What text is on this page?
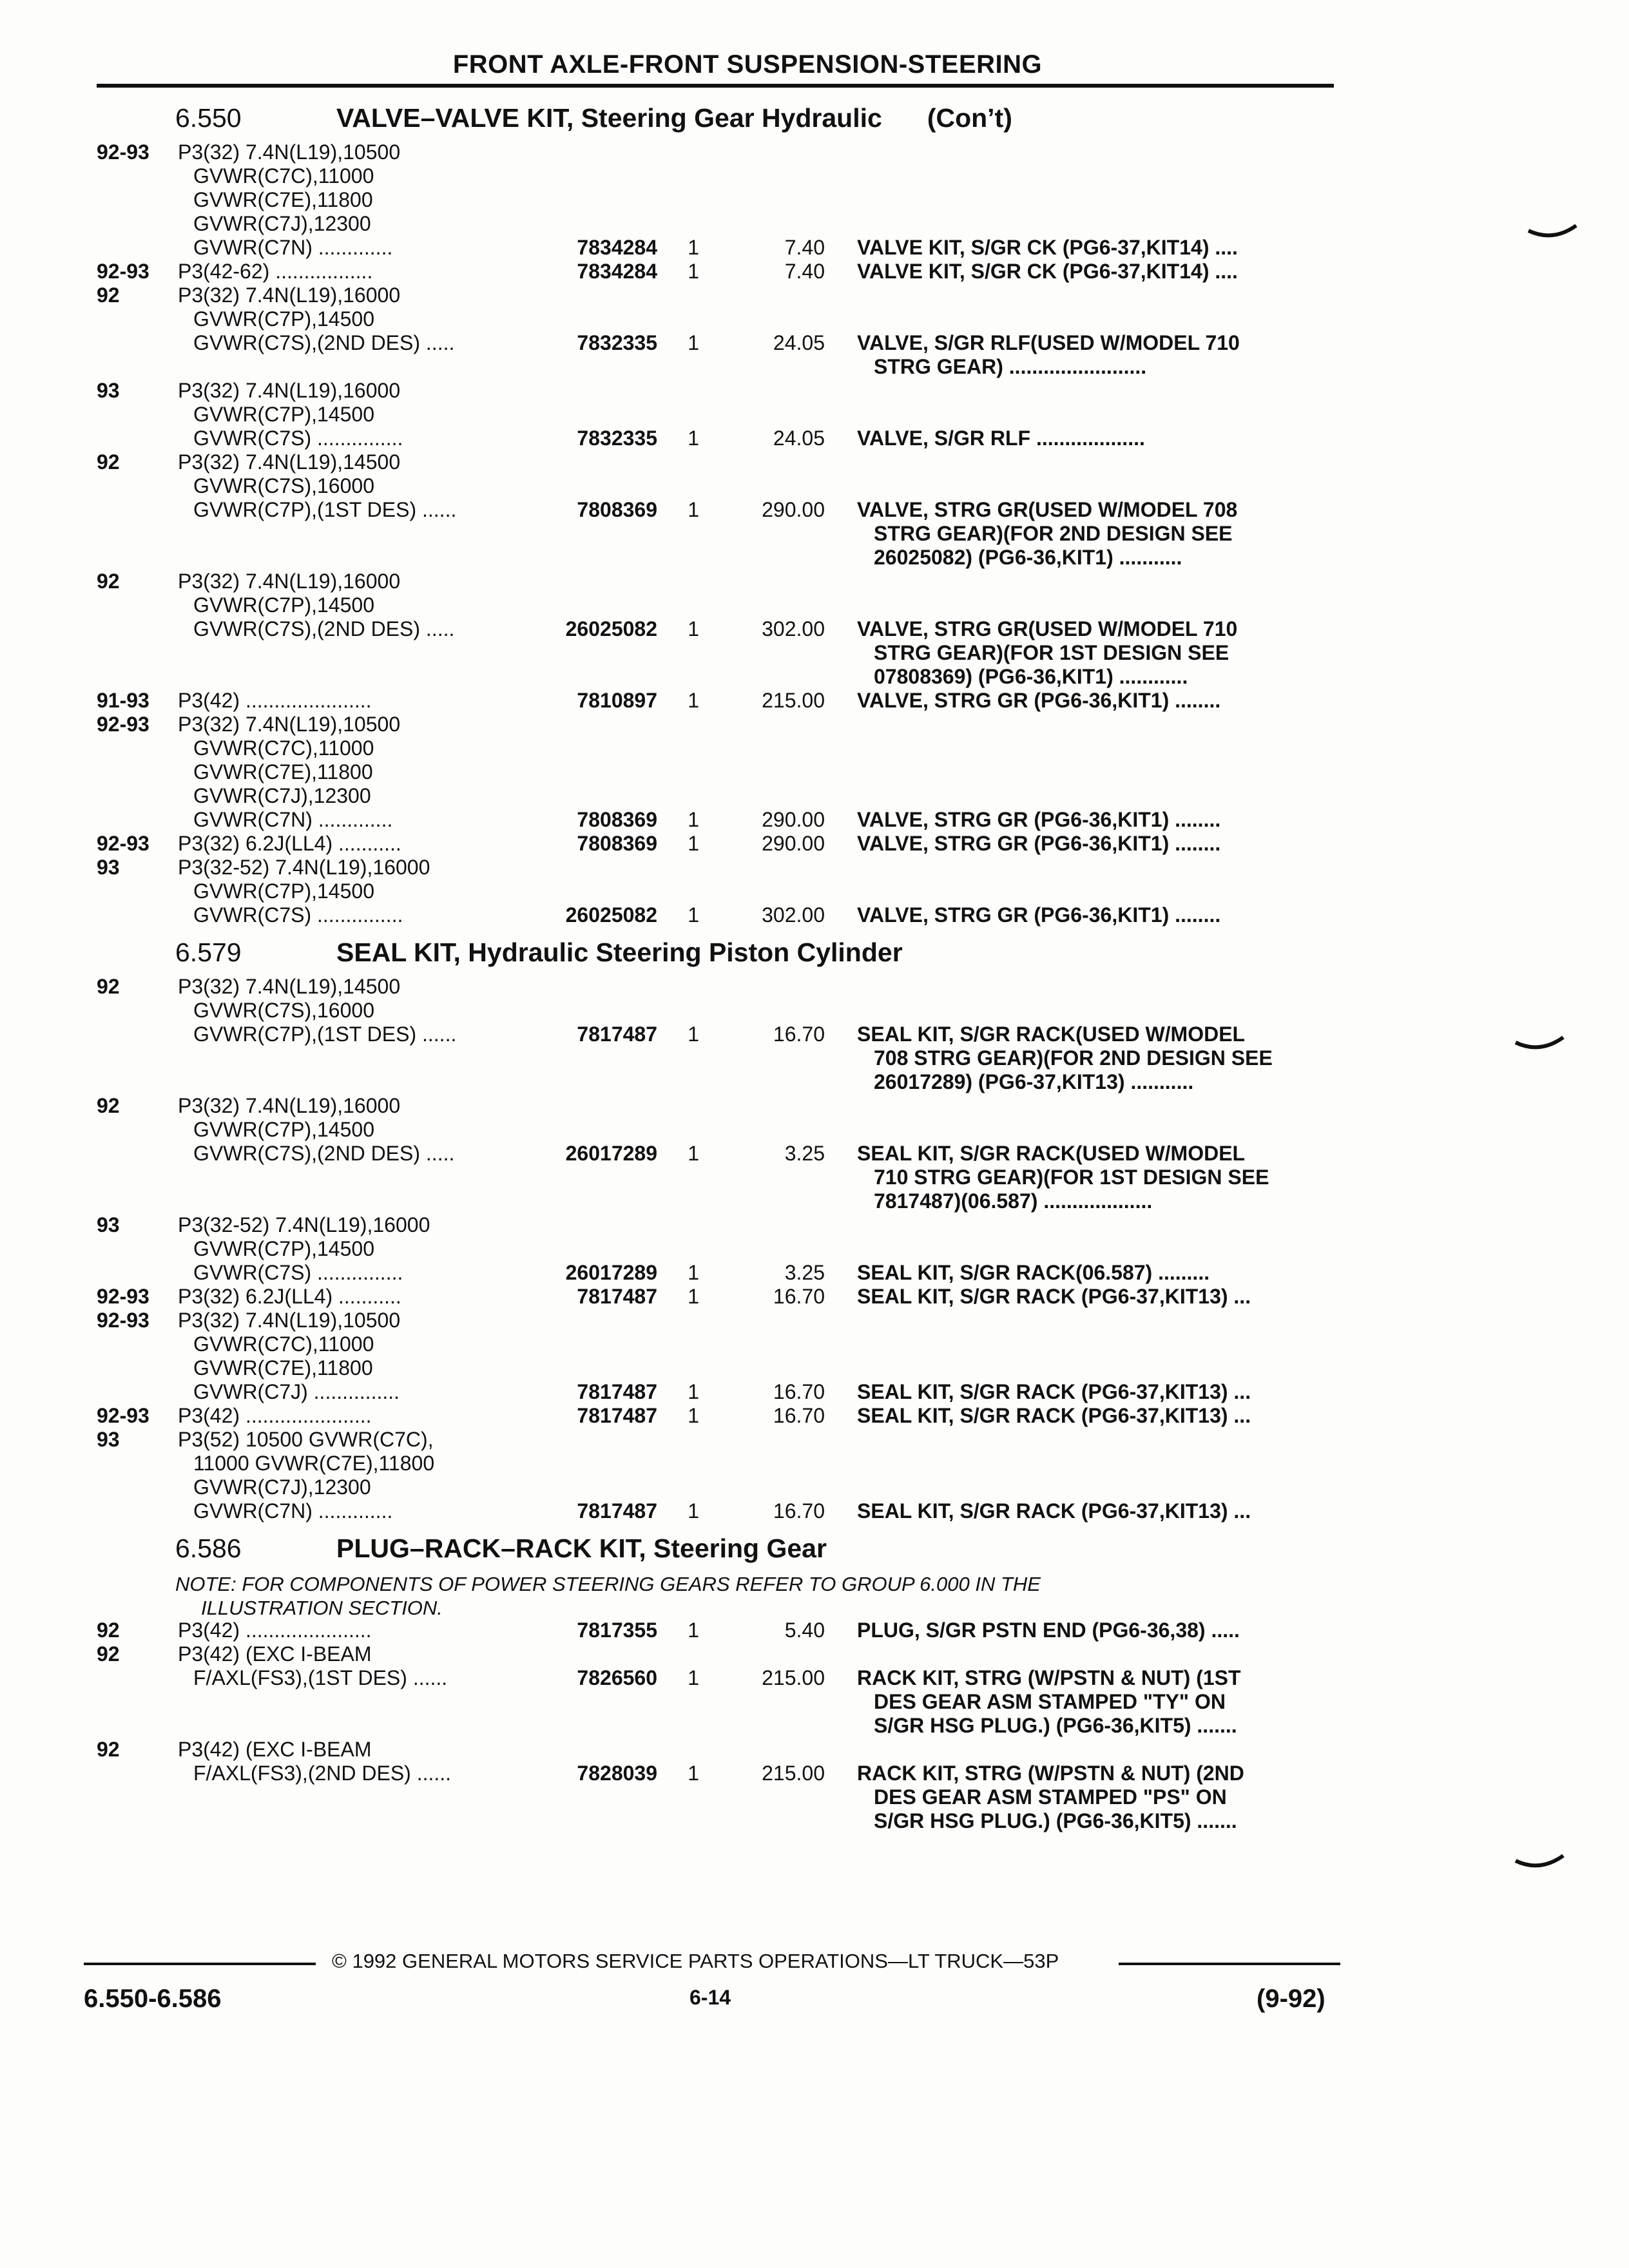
FRONT AXLE-FRONT SUSPENSION-STEERING
6.550	VALVE–VALVE KIT, Steering Gear Hydraulic (Con’t)
6.579	SEAL KIT, Hydraulic Steering Piston Cylinder
6.586	PLUG–RACK–RACK KIT, Steering Gear
NOTE: FOR COMPONENTS OF POWER STEERING GEARS REFER TO GROUP 6.000 IN THE
ILLUSTRATION SECTION.
92-93 P3(32) 7.4N(L19),10500
GVWR(C7C),11000
GVWR(C7E),11800
GVWR(C7J),12300
GVWR(C7N) .............	7834284	1	7.40 VALVE KIT, S/GR CK (PG6-37,KIT14) ....
92-93 P3(42-62) .................	7834284	1	7.40 VALVE KIT, S/GR CK (PG6-37,KIT14) ....
92	P3(32) 7.4N(L19),16000
GVWR(C7P),14500
GVWR(C7S),(2ND DES) .....	7832335	1	24.05 VALVE, S/GR RLF(USED W/MODEL 710
STRG GEAR) ........................
93	P3(32) 7.4N(L19),16000
GVWR(C7P),14500
GVWR(C7S) ...............	7832335	1	24.05 VALVE, S/GR RLF ...................
92	P3(32) 7.4N(L19),14500
GVWR(C7S),16000
GVWR(C7P),(1ST DES) ......	7808369	1	290.00 VALVE, STRG GR(USED W/MODEL 708
STRG GEAR)(FOR 2ND DESIGN SEE
26025082) (PG6-36,KIT1) ...........
92	P3(32) 7.4N(L19),16000
GVWR(C7P),14500
GVWR(C7S),(2ND DES) .....	26025082	1	302.00 VALVE, STRG GR(USED W/MODEL 710
STRG GEAR)(FOR 1ST DESIGN SEE
07808369) (PG6-36,KIT1) ............
91-93 P3(42) ......................	7810897	1	215.00 VALVE, STRG GR (PG6-36,KIT1) ........
92-93 P3(32) 7.4N(L19),10500
GVWR(C7C),11000
GVWR(C7E),11800
GVWR(C7J),12300
GVWR(C7N) .............	7808369	1	290.00 VALVE, STRG GR (PG6-36,KIT1) ........
92-93 P3(32) 6.2J(LL4) ...........	7808369	1	290.00 VALVE, STRG GR (PG6-36,KIT1) ........
93	P3(32-52) 7.4N(L19),16000
GVWR(C7P),14500
GVWR(C7S) ...............	26025082	1	302.00 VALVE, STRG GR (PG6-36,KIT1) ........
92	P3(32) 7.4N(L19),14500
GVWR(C7S),16000
GVWR(C7P),(1ST DES) ......	7817487	1	16.70 SEAL KIT, S/GR RACK(USED W/MODEL
708 STRG GEAR)(FOR 2ND DESIGN SEE
26017289) (PG6-37,KIT13) ...........
92	P3(32) 7.4N(L19),16000
GVWR(C7P),14500
GVWR(C7S),(2ND DES) .....	26017289	1	3.25 SEAL KIT, S/GR RACK(USED W/MODEL
710 STRG GEAR)(FOR 1ST DESIGN SEE
7817487)(06.587) ...................
93	P3(32-52) 7.4N(L19),16000
GVWR(C7P),14500
GVWR(C7S) ...............	26017289	1	3.25 SEAL KIT, S/GR RACK(06.587) .........
92-93 P3(32) 6.2J(LL4) ...........	7817487	1	16.70 SEAL KIT, S/GR RACK (PG6-37,KIT13) ...
92-93 P3(32) 7.4N(L19),10500
GVWR(C7C),11000
GVWR(C7E),11800
GVWR(C7J) ...............	7817487	1	16.70 SEAL KIT, S/GR RACK (PG6-37,KIT13) ...
92-93 P3(42) ......................	7817487	1	16.70 SEAL KIT, S/GR RACK (PG6-37,KIT13) ...
93	P3(52) 10500 GVWR(C7C),
11000 GVWR(C7E),11800
GVWR(C7J),12300
GVWR(C7N) .............	7817487	1	16.70 SEAL KIT, S/GR RACK (PG6-37,KIT13) ...
92	P3(42) ......................	7817355	1	5.40 PLUG, S/GR PSTN END (PG6-36,38) .....
92	P3(42) (EXC I-BEAM
F/AXL(FS3),(1ST DES) ......	7826560	1	215.00 RACK KIT, STRG (W/PSTN & NUT) (1ST
DES GEAR ASM STAMPED "TY" ON
S/GR HSG PLUG.) (PG6-36,KIT5) .......
92	P3(42) (EXC I-BEAM
F/AXL(FS3),(2ND DES) ......	7828039	1	215.00 RACK KIT, STRG (W/PSTN & NUT) (2ND
DES GEAR ASM STAMPED "PS" ON
S/GR HSG PLUG.) (PG6-36,KIT5) .......
© 1992 GENERAL MOTORS SERVICE PARTS OPERATIONS—LT TRUCK—53P
6.550-6.586	6-14	(9-92)
